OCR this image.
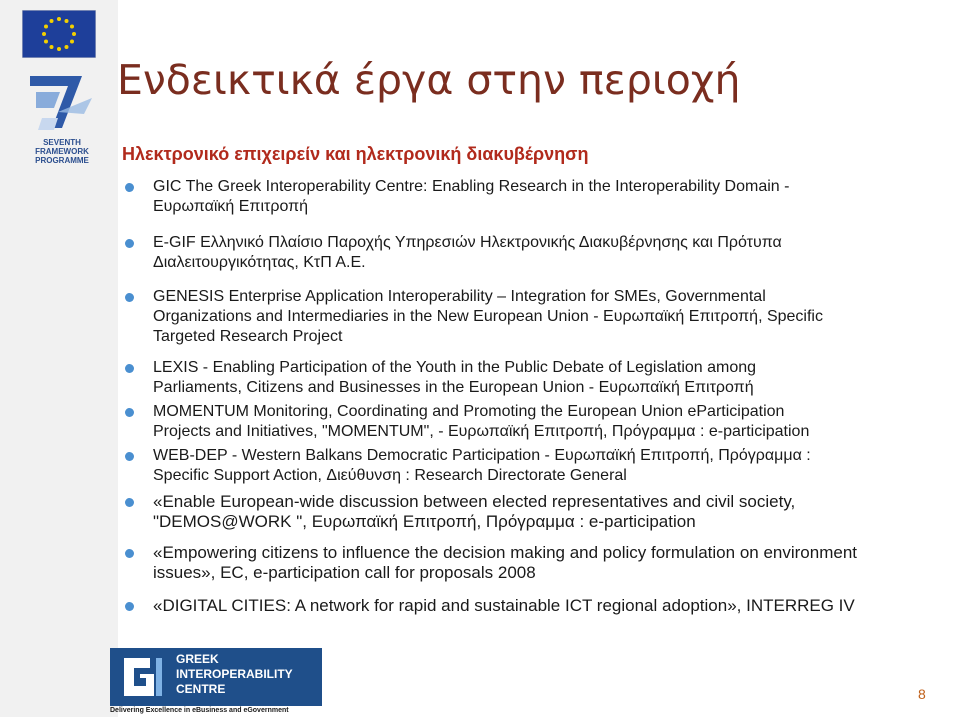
SEVENTH FRAMEWORK
PROGRAMME
Ενδεικτικά έργα στην περιοχή
Ηλεκτρονικό επιχειρείν και ηλεκτρονική διακυβέρνηση
GIC The Greek Interoperability Centre: Enabling Research in the Interoperability Domain -
Ευρωπαϊκή Επιτροπή
E-GIF Ελληνικό Πλαίσιο Παροχής Υπηρεσιών Ηλεκτρονικής Διακυβέρνησης και Πρότυπα
Διαλειτουργικότητας, ΚτΠ Α.Ε.
GENESIS Enterprise Application Interoperability – Integration for SMEs, Governmental
Organizations and Intermediaries in the New European Union - Ευρωπαϊκή Επιτροπή, Specific
Targeted Research Project
LEXIS - Enabling Participation of the Youth in the Public Debate of Legislation among
Parliaments, Citizens and Businesses in the European Union - Ευρωπαϊκή Επιτροπή
MOMENTUM Monitoring, Coordinating and Promoting the European Union eParticipation
Projects and Initiatives, "MOMENTUM", - Ευρωπαϊκή Επιτροπή, Πρόγραμμα : e-participation
WEB-DEP - Western Balkans Democratic Participation - Ευρωπαϊκή Επιτροπή, Πρόγραμμα :
Specific Support Action, Διεύθυνση : Research Directorate General
«Enable European-wide discussion between elected representatives and civil society,
"DEMOS@WORK ", Ευρωπαϊκή Επιτροπή, Πρόγραμμα : e-participation
«Empowering citizens to influence the decision making and policy formulation on environment
issues», EC, e-participation call for proposals 2008
«DIGITAL CITIES: A network for rapid and sustainable ICT regional adoption», INTERREG IV
GREEK
INTEROPERABILITY
CENTRE
Delivering Excellence in eBusiness and eGovernment
8
